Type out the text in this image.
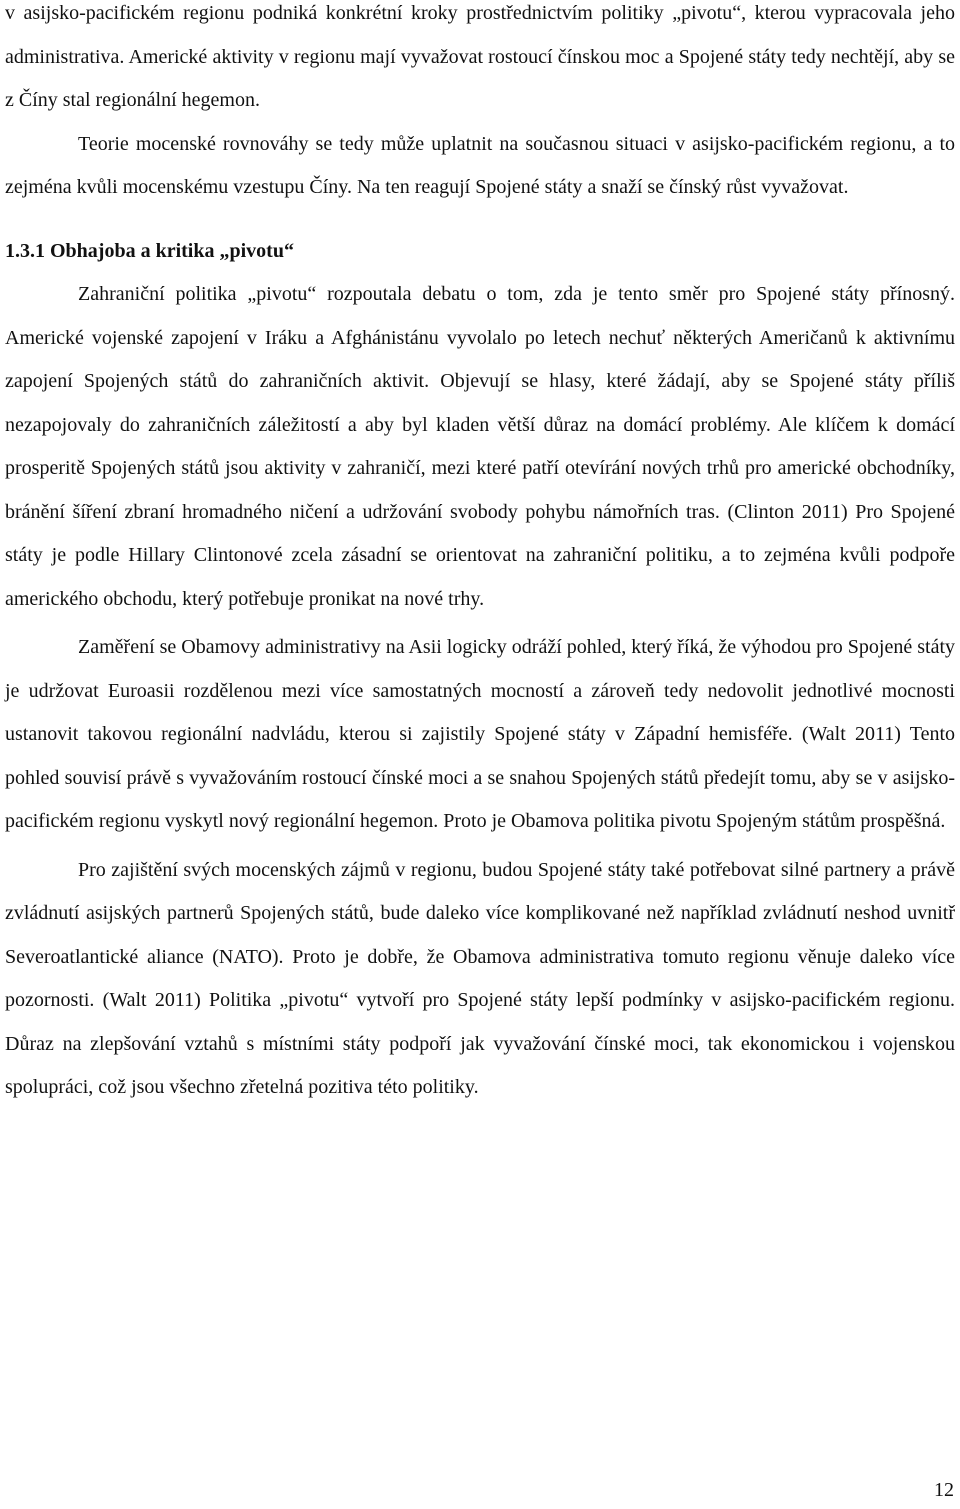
v asijsko-pacifickém regionu podniká konkrétní kroky prostřednictvím politiky „pivotu“, kterou vypracovala jeho administrativa. Americké aktivity v regionu mají vyvažovat rostoucí čínskou moc a Spojené státy tedy nechtějí, aby se z Číny stal regionální hegemon.

Teorie mocenské rovnováhy se tedy může uplatnit na současnou situaci v asijsko-pacifickém regionu, a to zejména kvůli mocenskému vzestupu Číny. Na ten reagují Spojené státy a snaží se čínský růst vyvažovat.

1.3.1 Obhajoba a kritika „pivotu“

Zahraniční politika „pivotu“ rozpoutala debatu o tom, zda je tento směr pro Spojené státy přínosný. Americké vojenské zapojení v Iráku a Afghánistánu vyvolalo po letech nechuť některých Američanů k aktivnímu zapojení Spojených států do zahraničních aktivit. Objevují se hlasy, které žádají, aby se Spojené státy příliš nezapojovaly do zahraničních záležitostí a aby byl kladen větší důraz na domácí problémy. Ale klíčem k domácí prosperitě Spojených států jsou aktivity v zahraničí, mezi které patří otevírání nových trhů pro americké obchodníky, bránění šíření zbraní hromadného ničení a udržování svobody pohybu námořních tras. (Clinton 2011) Pro Spojené státy je podle Hillary Clintonové zcela zásadní se orientovat na zahraniční politiku, a to zejména kvůli podpoře amerického obchodu, který potřebuje pronikat na nové trhy.

Zaměření se Obamovy administrativy na Asii logicky odráží pohled, který říká, že výhodou pro Spojené státy je udržovat Euroasii rozdělenou mezi více samostatných mocností a zároveň tedy nedovolit jednotlivé mocnosti ustanovit takovou regionální nadvládu, kterou si zajistily Spojené státy v Západní hemisféře. (Walt 2011) Tento pohled souvisí právě s vyvažováním rostoucí čínské moci a se snahou Spojených států předejít tomu, aby se v asijsko-pacifickém regionu vyskytl nový regionální hegemon. Proto je Obamova politika pivotu Spojeným státům prospěšná.

Pro zajištění svých mocenských zájmů v regionu, budou Spojené státy také potřebovat silné partnery a právě zvládnutí asijských partnerů Spojených států, bude daleko více komplikované než například zvládnutí neshod uvnitř Severoatlantické aliance (NATO). Proto je dobře, že Obamova administrativa tomuto regionu věnuje daleko více pozornosti. (Walt 2011) Politika „pivotu“ vytvoří pro Spojené státy lepší podmínky v asijsko-pacifickém regionu. Důraz na zlepšování vztahů s místními státy podpoří jak vyvažování čínské moci, tak ekonomickou i vojenskou spolupráci, což jsou všechno zřetelná pozitiva této politiky.

12
